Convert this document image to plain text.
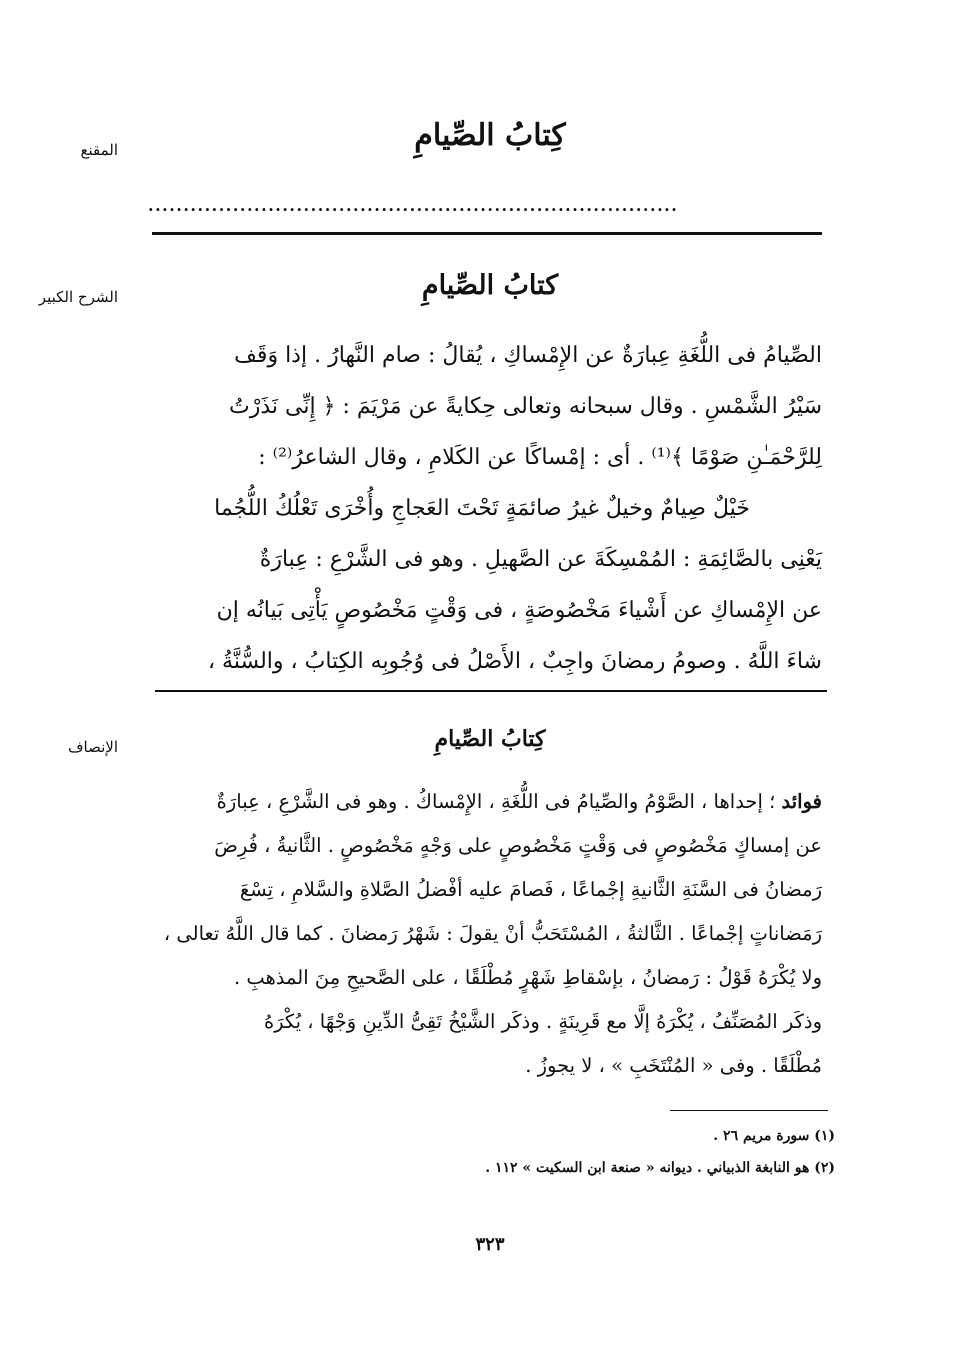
المقنع	كِتابُ الصِّيامِ
...........................................................................
الشرح الكبير	كتابُ الصِّيامِ
الصِّيامُ فى اللُّغَةِ عِبارَةٌ عن الإِمْساكِ ، يُقالُ : صام النَّهارُ . إذا وَقَف
سَيْرُ الشَّمْسِ . وقال سبحانه وتعالى حِكايةً عن مَرْيَمَ : ﴿ إِنِّى نَذَرْتُ
لِلرَّحْمَـٰنِ صَوْمًا ﴾⁽¹⁾ . أى : إمْساكًا عن الكَلامِ ، وقال الشاعرُ⁽²⁾ :
خَيْلٌ صِيامٌ وخيلٌ غيرُ صائمَةٍ تَحْتَ العَجاجِ وأُخْرَى تَعْلُكُ اللُّجُما
يَعْنِى بالصَّائِمَةِ : المُمْسِكَةَ عن الصَّهيلِ . وهو فى الشَّرْعِ : عِبارَةٌ
عن الإِمْساكِ عن أَشْياءَ مَخْصُوصَةٍ ، فى وَقْتٍ مَخْصُوصٍ يَأْتِى بَيانُه إن
شاءَ اللَّهُ . وصومُ رمضانَ واجِبٌ ، الأَصْلُ فى وُجُوبِه الكِتابُ ، والسُّنَّةُ ،
الإنصاف	كِتابُ الصِّيامِ
فوائد ؛ إحداها ، الصَّوْمُ والصِّيامُ فى اللُّغَةِ ، الإِمْساكُ . وهو فى الشَّرْعِ ، عِبارَةٌ
عن إمساكٍ مَخْصُوصٍ فى وَقْتٍ مَخْصُوصٍ على وَجْهٍ مَخْصُوصٍ . الثَّانيةُ ، فُرِضَ
رَمضانُ فى السَّنَةِ الثَّانيةِ إجْماعًا ، فَصامَ عليه أفْضلُ الصَّلاةِ والسَّلامِ ، تِسْعَ
رَمَضاناتٍ إجْماعًا . الثَّالثةُ ، المُسْتَحَبُّ أنْ يقولَ : شَهْرُ رَمضانَ . كما قال اللَّهُ تعالى ،
ولا يُكْرَهُ قَوْلُ : رَمضانُ ، بإسْقاطِ شَهْرٍ مُطْلَقًا ، على الصَّحيحِ مِنَ المذهبِ .
وذكَر المُصَنِّفُ ، يُكْرَهُ إلَّا مع قَرِينَةٍ . وذكَر الشَّيْخُ تَقِىُّ الدِّينِ وَجْهًا ، يُكْرَهُ
مُطْلَقًا . وفى « المُنْتَخَبِ » ، لا يجوزُ .
(١) سورة مريم ٢٦ .
(٢) هو النابغة الذبياني . ديوانه « صنعة ابن السكيت » ١١٢ .
٣٢٣
